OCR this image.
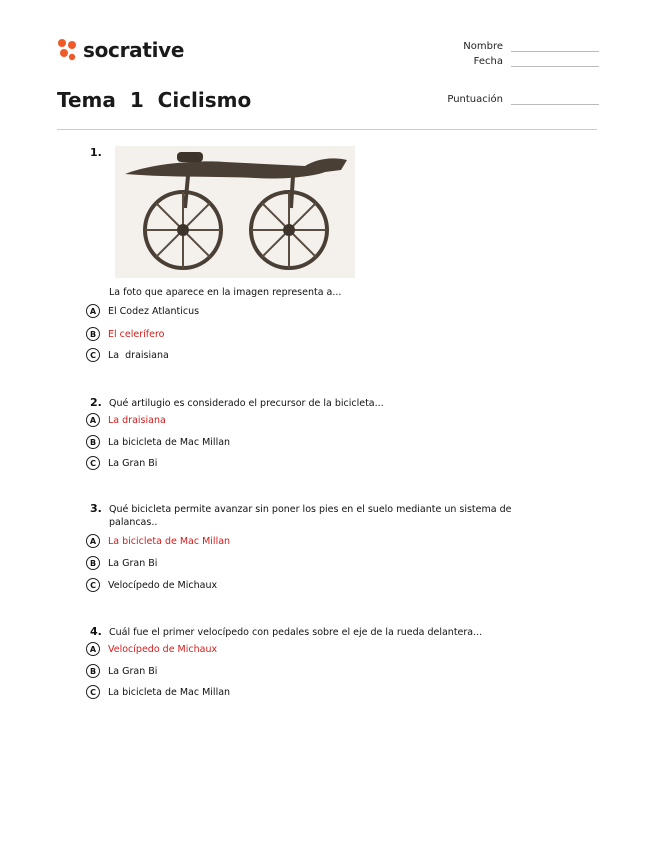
socrative	Nombre
Fecha
Puntuación
Tema  1  Ciclismo
1.
La foto que aparece en la imagen representa a...
A	El Codez Atlanticus
B	El celerífero
C	La  draisiana
2. Qué artilugio es considerado el precursor de la bicicleta...
A	La draisiana
B	La bicicleta de Mac Millan
C	La Gran Bi
3. Qué bicicleta permite avanzar sin poner los pies en el suelo mediante un sistema de palancas..
A	La bicicleta de Mac Millan
B	La Gran Bi
C	Velocípedo de Michaux
4. Cuál fue el primer velocípedo con pedales sobre el eje de la rueda delantera...
A	Velocípedo de Michaux
B	La Gran Bi
C	La bicicleta de Mac Millan
